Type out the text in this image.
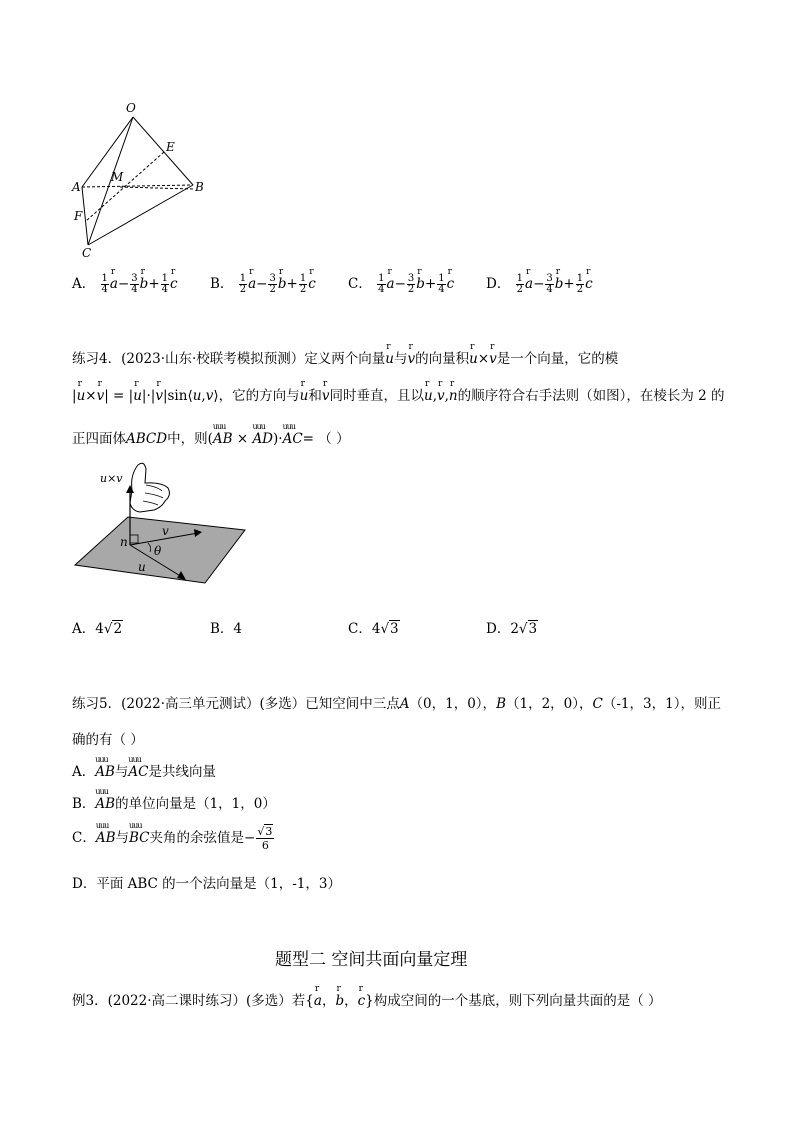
O
E
A
M
B
F
C
A． $\frac{1}{4}$ r $a- \frac{3}{4}$ r $b+ \frac{1}{4}$ r c B． $\frac{1}{2}$ r $a- \frac{3}{2}$ r $b+ \frac{1}{2}$ r c C． $\frac{1}{4}$ r $a- \frac{3}{2}$ r $b+ \frac{1}{4}$ r c D． $\frac{1}{2}$ r $a- \frac{3}{4}$ r $b+ \frac{1}{2}$ r c
练习4．(2023·山东·校联考模拟预测）定义两个向量r u与r v的向量积r u×r v是一个向量，它的模
|r u×r v| = |r u|·|r v|sin⟨u,v⟩，它的方向与r u和r v同时垂直，且以r u,r v,r n的顺序符合右手法则（如图），在棱长为 2 的
正四面体ABCD中，则(uuu AB × uuu AD)·uuu AC= （ ）
u×v
v
n
θ
u
A．4√2	B．4	C．4√3	D．2√3
练习5．(2022·高三单元测试）(多选）已知空间中三点A（0，1，0），B（1，2，0），C（-1，3，1），则正
确的有（ ）
A．uuu AB与uuu AC是共线向量
B．uuu AB的单位向量是（1，1，0）
C．uuu AB与uuu BC夹角的余弦值是− $\frac{√3}{6}$
D．平面 ABC 的一个法向量是（1，-1，3）
题型二 空间共面向量定理
例3．(2022·高二课时练习）(多选）若{r a，r b，r c}构成空间的一个基底，则下列向量共面的是（ ）
